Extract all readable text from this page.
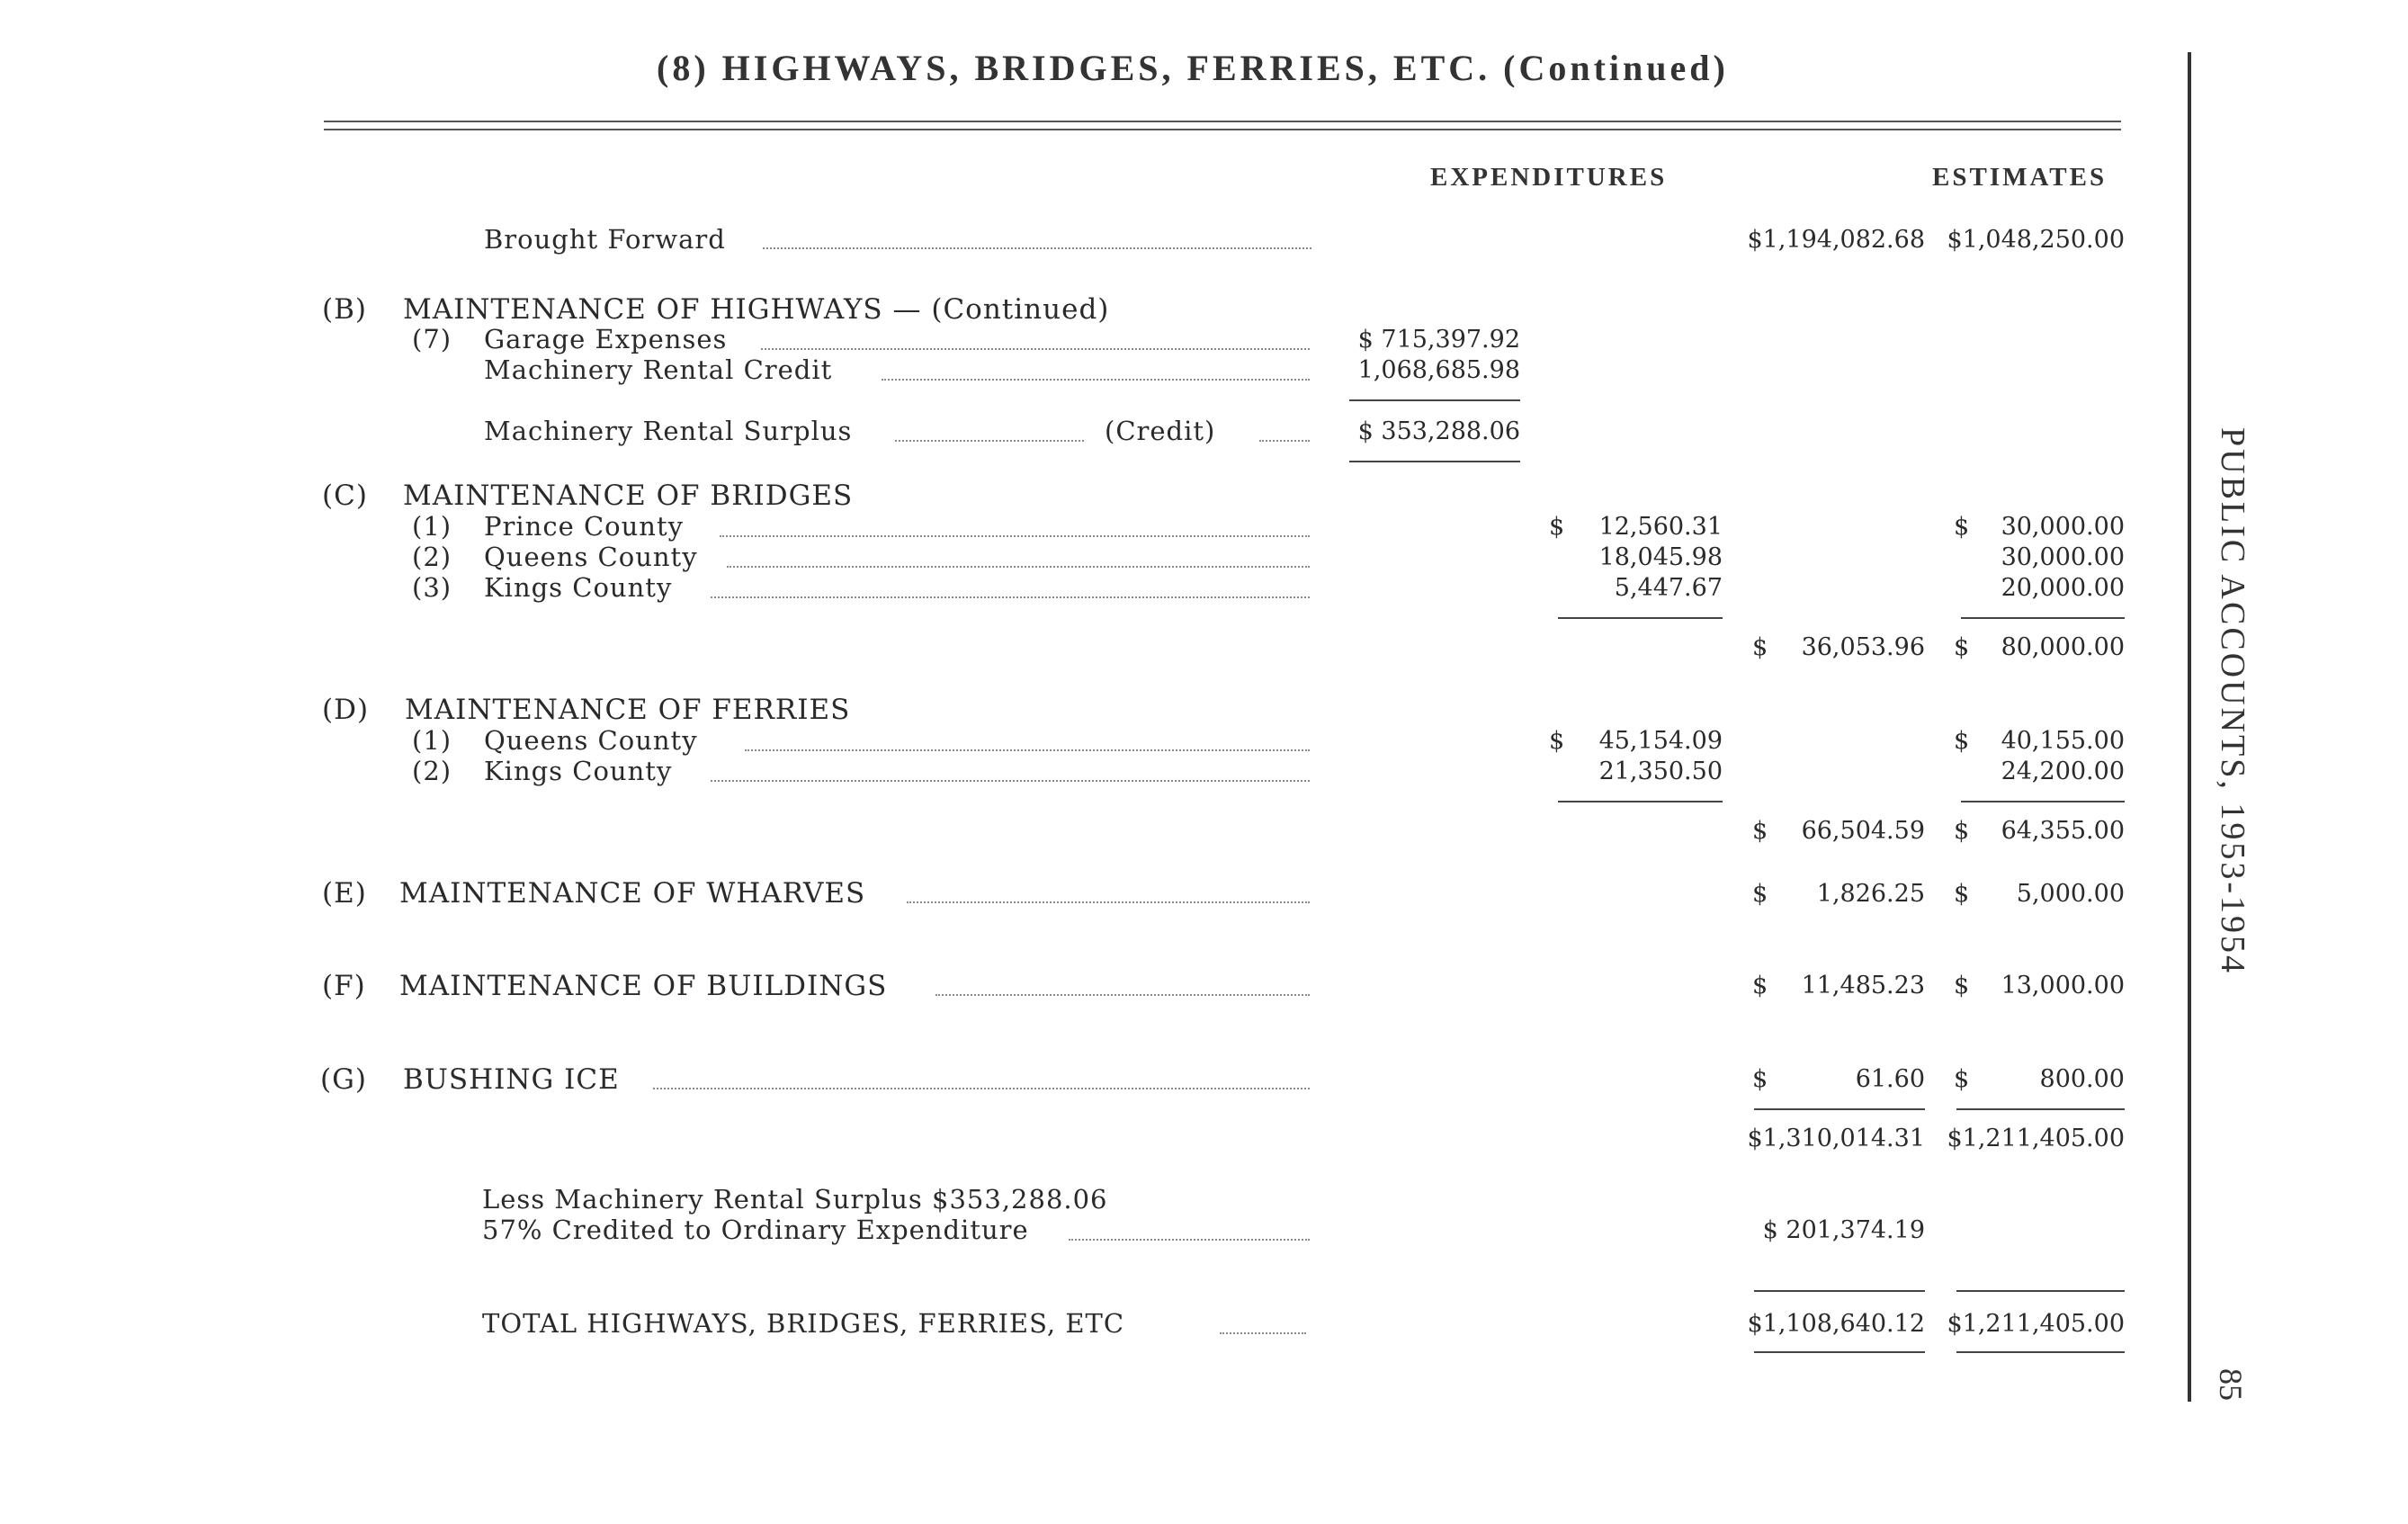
(8) HIGHWAYS, BRIDGES, FERRIES, ETC. (Continued)
EXPENDITURES	ESTIMATES
Brought Forward	$1,194,082.68 $1,048,250.00
(B) MAINTENANCE OF HIGHWAYS — (Continued)
(7) Garage Expenses	$ 715,397.92
Machinery Rental Credit	1,068,685.98
Machinery Rental Surplus	(Credit)	$ 353,288.06
(C) MAINTENANCE OF BRIDGES
(1) Prince County	$	12,560.31	$	30,000.00
(2) Queens County	18,045.98	30,000.00
(3) Kings County	5,447.67	20,000.00
$	36,053.96 $	80,000.00
(D) MAINTENANCE OF FERRIES
(1) Queens County	$	45,154.09	$	40,155.00
(2) Kings County	21,350.50	24,200.00
$	66,504.59 $	64,355.00
(E) MAINTENANCE OF WHARVES	$	1,826.25 $	5,000.00
(F) MAINTENANCE OF BUILDINGS	$	11,485.23 $	13,000.00
(G) BUSHING ICE	$	61.60 $	800.00
$1,310,014.31 $1,211,405.00
Less Machinery Rental Surplus $353,288.06
57% Credited to Ordinary Expenditure	$ 201,374.19
TOTAL HIGHWAYS, BRIDGES, FERRIES, ETC	$1,108,640.12 $1,211,405.00
PUBLIC ACCOUNTS, 1953-1954
85
